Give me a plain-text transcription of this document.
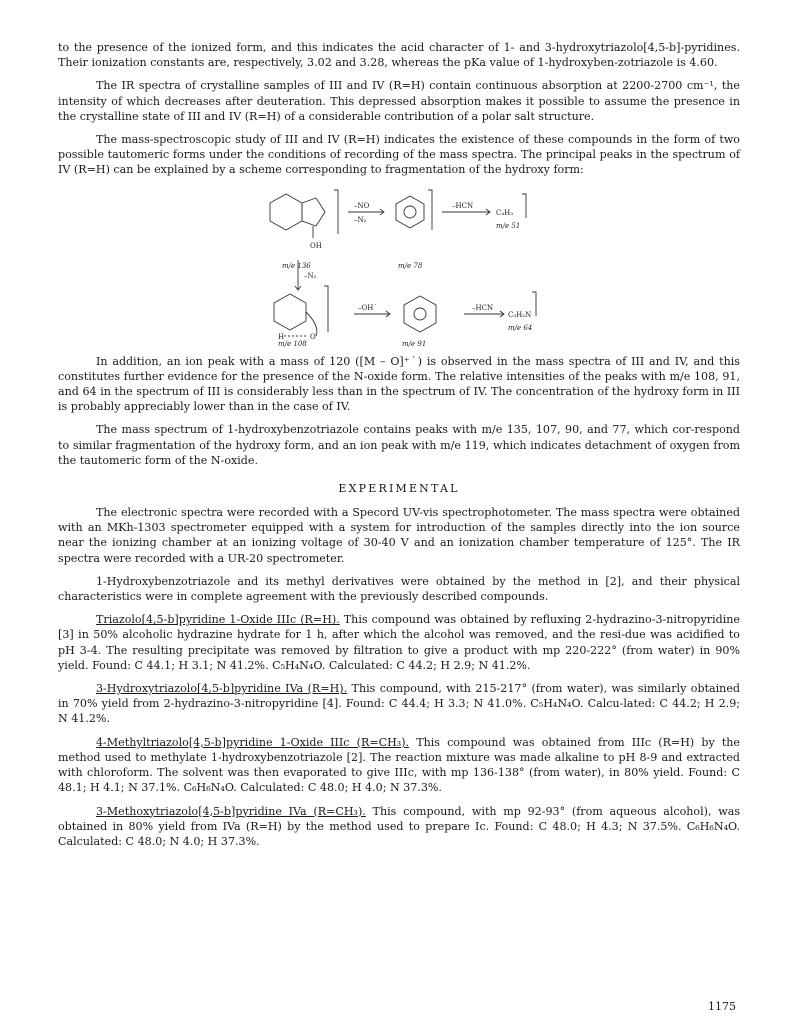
to the presence of the ionized form, and this indicates the acid character of 1- and 3-hydroxytriazolo[4,5-b]-pyridines. Their ionization constants are, respectively, 3.02 and 3.28, whereas the pKa value of 1-hydroxyben-zotriazole is 4.60.

The IR spectra of crystalline samples of III and IV (R=H) contain continuous absorption at 2200-2700 cm⁻¹, the intensity of which decreases after deuteration. This depressed absorption makes it possible to assume the presence in the crystalline state of III and IV (R=H) of a considerable contribution of a polar salt structure.

The mass-spectroscopic study of III and IV (R=H) indicates the existence of these compounds in the form of two possible tautomeric forms under the conditions of recording of the mass spectra. The principal peaks in the spectrum of IV (R=H) can be explained by a scheme corresponding to fragmentation of the hydroxy form:

OH
–NO
–N₂
–HCN
C₄H₃
m/e 136	m/e 78
m/e 51
–N₂
H	O
–OH˙	–HCN
C₃H₂N
m/e 108	m/e 91
m/e 64

In addition, an ion peak with a mass of 120 ([M – O]⁺˙) is observed in the mass spectra of III and IV, and this constitutes further evidence for the presence of the N-oxide form. The relative intensities of the peaks with m/e 108, 91, and 64 in the spectrum of III is considerably less than in the spectrum of IV. The concentration of the hydroxy form in III is probably appreciably lower than in the case of IV.

The mass spectrum of 1-hydroxybenzotriazole contains peaks with m/e 135, 107, 90, and 77, which cor-respond to similar fragmentation of the hydroxy form, and an ion peak with m/e 119, which indicates detachment of oxygen from the tautomeric form of the N-oxide.

EXPERIMENTAL

The electronic spectra were recorded with a Specord UV-vis spectrophotometer. The mass spectra were obtained with an MKh-1303 spectrometer equipped with a system for introduction of the samples directly into the ion source near the ionizing chamber at an ionizing voltage of 30-40 V and an ionization chamber temperature of 125°. The IR spectra were recorded with a UR-20 spectrometer.

1-Hydroxybenzotriazole and its methyl derivatives were obtained by the method in [2], and their physical characteristics were in complete agreement with the previously described compounds.

Triazolo[4,5-b]pyridine 1-Oxide IIIc (R=H). This compound was obtained by refluxing 2-hydrazino-3-nitropyridine [3] in 50% alcoholic hydrazine hydrate for 1 h, after which the alcohol was removed, and the resi-due was acidified to pH 3-4. The resulting precipitate was removed by filtration to give a product with mp 220-222° (from water) in 90% yield. Found: C 44.1; H 3.1; N 41.2%. C₅H₄N₄O. Calculated: C 44.2; H 2.9; N 41.2%.

3-Hydroxytriazolo[4,5-b]pyridine IVa (R=H). This compound, with 215-217° (from water), was similarly obtained in 70% yield from 2-hydrazino-3-nitropyridine [4]. Found: C 44.4; H 3.3; N 41.0%. C₅H₄N₄O. Calcu-lated: C 44.2; H 2.9; N 41.2%.

4-Methyltriazolo[4,5-b]pyridine 1-Oxide IIIc (R=CH₃). This compound was obtained from IIIc (R=H) by the method used to methylate 1-hydroxybenzotriazole [2]. The reaction mixture was made alkaline to pH 8-9 and extracted with chloroform. The solvent was then evaporated to give IIIc, with mp 136-138° (from water), in 80% yield. Found: C 48.1; H 4.1; N 37.1%. C₆H₆N₄O. Calculated: C 48.0; H 4.0; N 37.3%.

3-Methoxytriazolo[4,5-b]pyridine IVa (R=CH₃). This compound, with mp 92-93° (from aqueous alcohol), was obtained in 80% yield from IVa (R=H) by the method used to prepare Ic. Found: C 48.0; H 4.3; N 37.5%. C₆H₆N₄O. Calculated: C 48.0; N 4.0; H 37.3%.

1175
